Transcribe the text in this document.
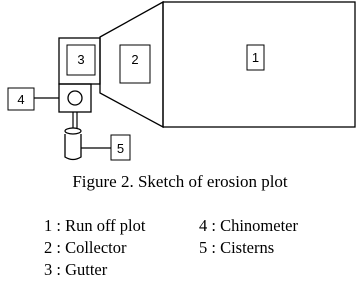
1
2
3
4
5
Figure 2. Sketch of erosion plot
1 : Run off plot
2 : Collector
3 : Gutter
4 : Chinometer
5 : Cisterns
